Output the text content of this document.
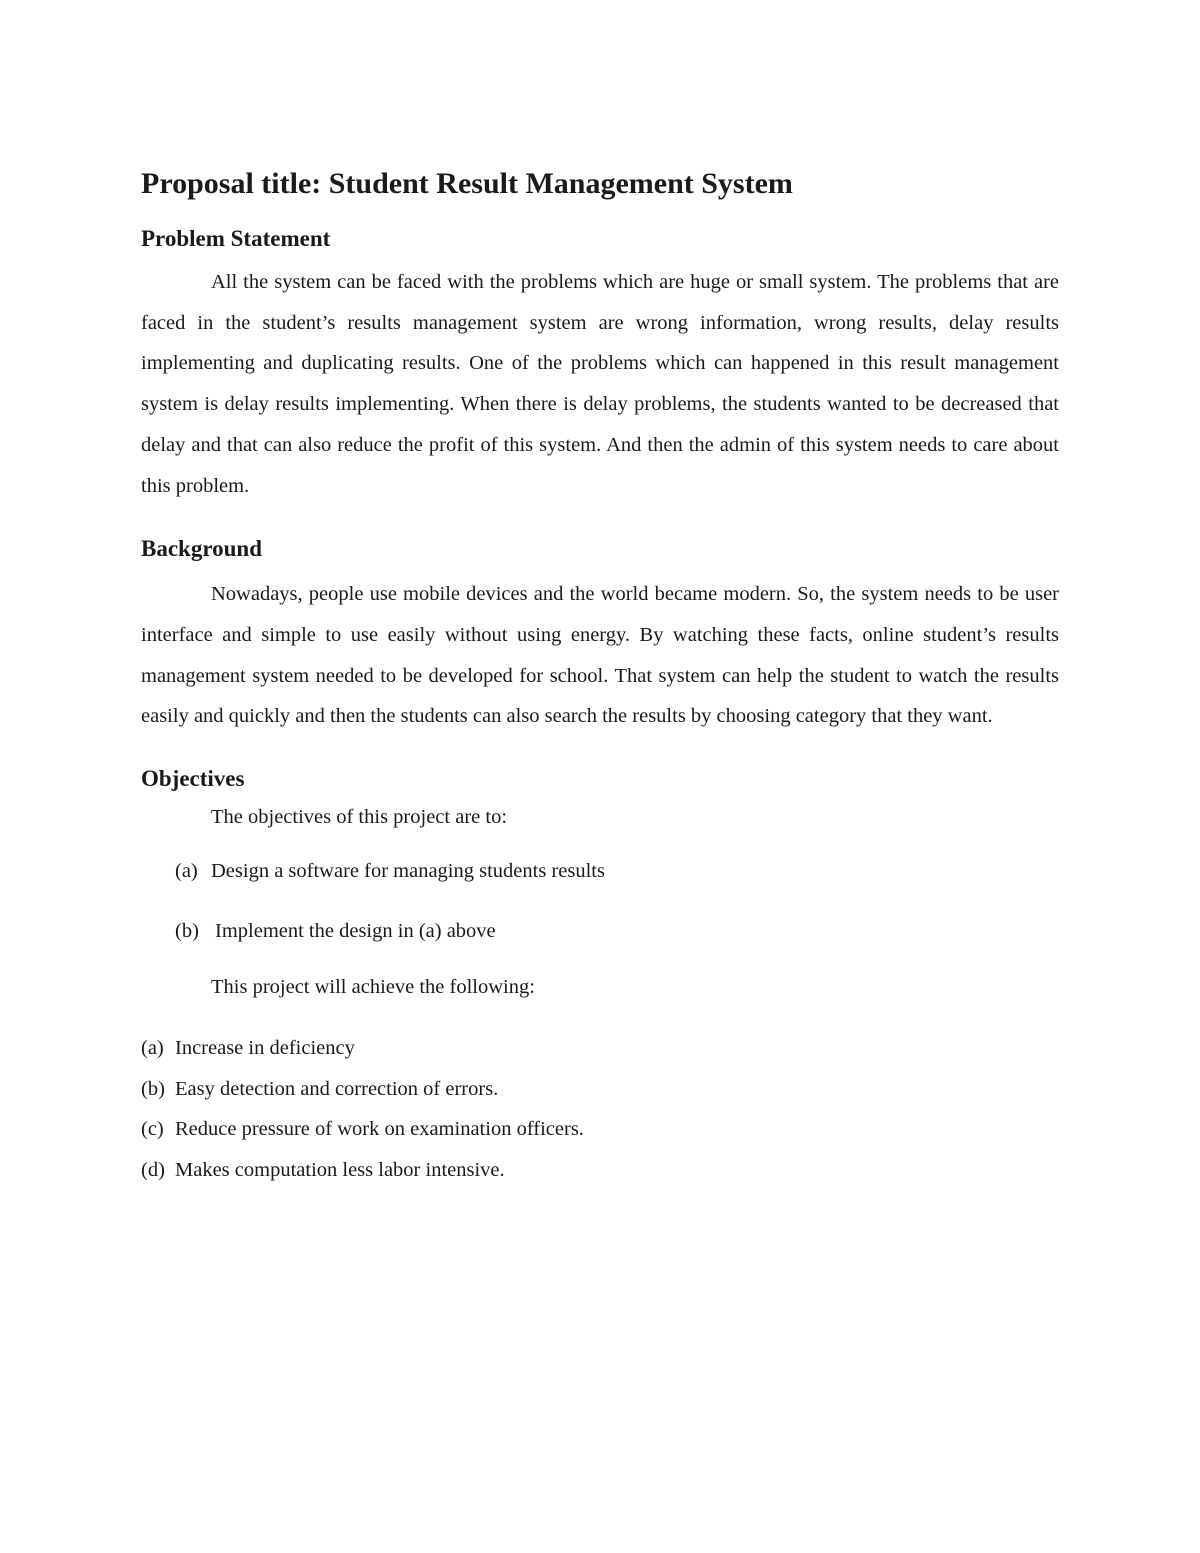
Proposal title: Student Result Management System
Problem Statement

All the system can be faced with the problems which are huge or small system. The problems that are faced in the student’s results management system are wrong information, wrong results, delay results implementing and duplicating results. One of the problems which can happened in this result management system is delay results implementing. When there is delay problems, the students wanted to be decreased that delay and that can also reduce the profit of this system. And then the admin of this system needs to care about this problem.

Background

Nowadays, people use mobile devices and the world became modern. So, the system needs to be user interface and simple to use easily without using energy. By watching these facts, online student’s results management system needed to be developed for school. That system can help the student to watch the results easily and quickly and then the students can also search the results by choosing category that they want.

Objectives

The objectives of this project are to:

(a) Design a software for managing students results
(b) Implement the design in (a) above

This project will achieve the following:

(a) Increase in deficiency
(b) Easy detection and correction of errors.
(c) Reduce pressure of work on examination officers.
(d) Makes computation less labor intensive.
